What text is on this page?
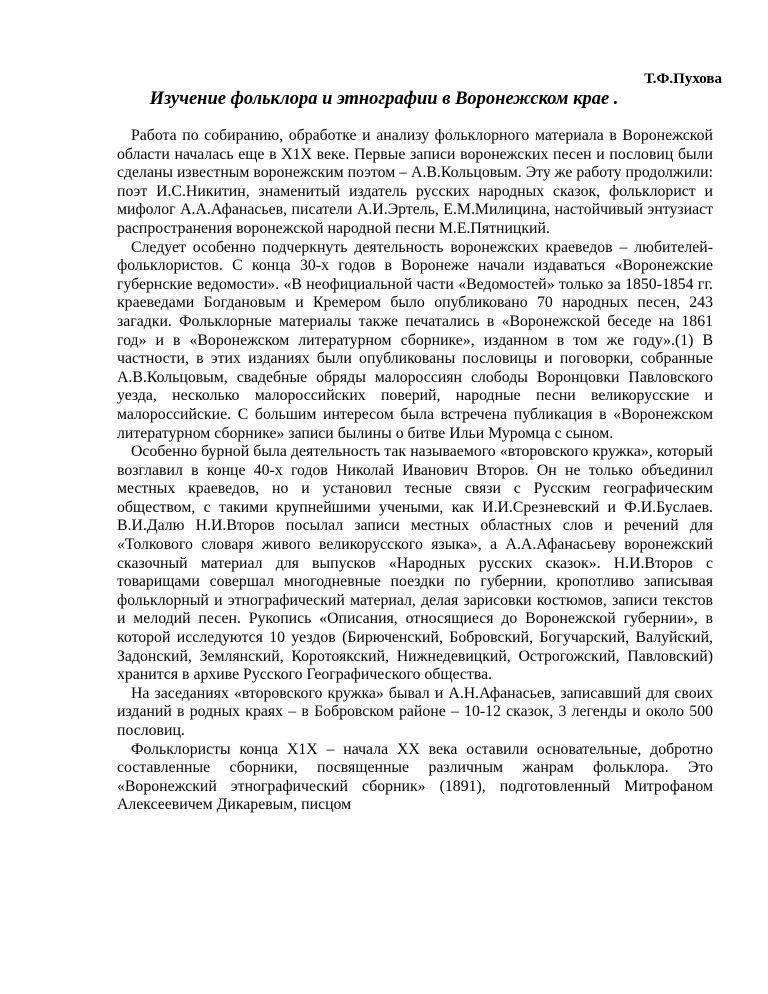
Т.Ф.Пухова
Изучение фольклора и этнографии в Воронежском крае .

Работа по собиранию, обработке и анализу фольклорного материала в Воронежской области началась еще в Х1Х веке. Первые записи воронежских песен и пословиц были сделаны известным воронежским поэтом – А.В.Кольцовым. Эту же работу продолжили: поэт И.С.Никитин, знаменитый издатель русских народных сказок, фольклорист и мифолог А.А.Афанасьев, писатели А.И.Эртель, Е.М.Милицина, настойчивый энтузиаст распространения воронежской народной песни М.Е.Пятницкий.

Следует особенно подчеркнуть деятельность воронежских краеведов – любителей-фольклористов. С конца 30-х годов в Воронеже начали издаваться «Воронежские губернские ведомости». «В неофициальной части «Ведомостей» только за 1850-1854 гг. краеведами Богдановым и Кремером было опубликовано 70 народных песен, 243 загадки. Фольклорные материалы также печатались в «Воронежской беседе на 1861 год» и в «Воронежском литературном сборнике», изданном в том же году».(1) В частности, в этих изданиях были опубликованы пословицы и поговорки, собранные А.В.Кольцовым, свадебные обряды малороссиян слободы Воронцовки Павловского уезда, несколько малороссийских поверий, народные песни великорусские и малороссийские. С большим интересом была встречена публикация в «Воронежском литературном сборнике» записи былины о битве Ильи Муромца с сыном.

Особенно бурной была деятельность так называемого «второвского кружка», который возглавил в конце 40-х годов Николай Иванович Второв. Он не только объединил местных краеведов, но и установил тесные связи с Русским географическим обществом, с такими крупнейшими учеными, как И.И.Срезневский и Ф.И.Буслаев. В.И.Далю Н.И.Второв посылал записи местных областных слов и речений для «Толкового словаря живого великорусского языка», а А.А.Афанасьеву воронежский сказочный материал для выпусков «Народных русских сказок». Н.И.Второв с товарищами совершал многодневные поездки по губернии, кропотливо записывая фольклорный и этнографический материал, делая зарисовки костюмов, записи текстов и мелодий песен. Рукопись «Описания, относящиеся до Воронежской губернии», в которой исследуются 10 уездов (Бирюченский, Бобровский, Богучарский, Валуйский, Задонский, Землянский, Коротоякский, Нижнедевицкий, Острогожский, Павловский) хранится в архиве Русского Географического общества.

На заседаниях «второвского кружка» бывал и А.Н.Афанасьев, записавший для своих изданий в родных краях – в Бобровском районе – 10-12 сказок, 3 легенды и около 500 пословиц.

Фольклористы конца Х1Х – начала ХХ века оставили основательные, добротно составленные сборники, посвященные различным жанрам фольклора. Это «Воронежский этнографический сборник» (1891), подготовленный Митрофаном Алексеевичем Дикаревым, писцом
